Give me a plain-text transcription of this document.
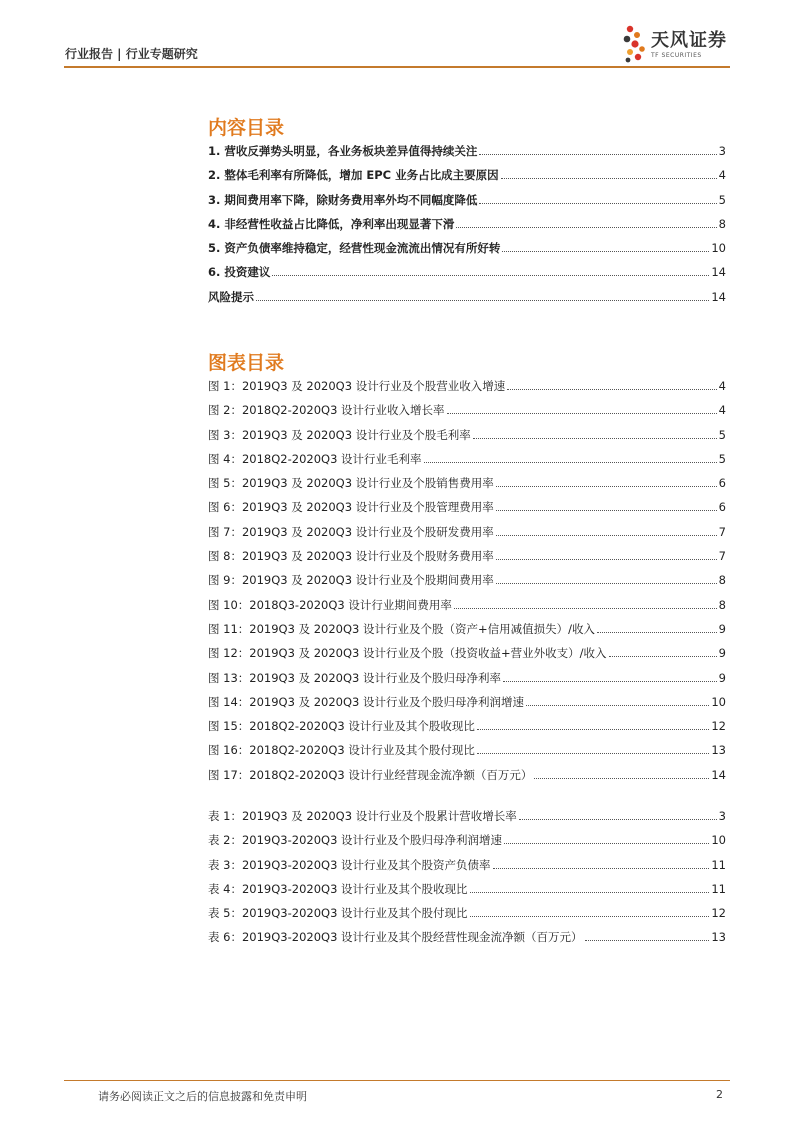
行业报告 | 行业专题研究
天风证券
TF SECURITIES
内容目录
1. 营收反弹势头明显，各业务板块差异值得持续关注	3
2. 整体毛利率有所降低，增加 EPC 业务占比成主要原因	4
3. 期间费用率下降，除财务费用率外均不同幅度降低	5
4. 非经营性收益占比降低，净利率出现显著下滑	8
5. 资产负债率维持稳定，经营性现金流流出情况有所好转	10
6. 投资建议	14
风险提示	14
图表目录
图 1：2019Q3 及 2020Q3 设计行业及个股营业收入增速	4
图 2：2018Q2-2020Q3 设计行业收入增长率	4
图 3：2019Q3 及 2020Q3 设计行业及个股毛利率	5
图 4：2018Q2-2020Q3 设计行业毛利率	5
图 5：2019Q3 及 2020Q3 设计行业及个股销售费用率	6
图 6：2019Q3 及 2020Q3 设计行业及个股管理费用率	6
图 7：2019Q3 及 2020Q3 设计行业及个股研发费用率	7
图 8：2019Q3 及 2020Q3 设计行业及个股财务费用率	7
图 9：2019Q3 及 2020Q3 设计行业及个股期间费用率	8
图 10：2018Q3-2020Q3 设计行业期间费用率	8
图 11：2019Q3 及 2020Q3 设计行业及个股（资产+信用减值损失）/收入	9
图 12：2019Q3 及 2020Q3 设计行业及个股（投资收益+营业外收支）/收入	9
图 13：2019Q3 及 2020Q3 设计行业及个股归母净利率	9
图 14：2019Q3 及 2020Q3 设计行业及个股归母净利润增速	10
图 15：2018Q2-2020Q3 设计行业及其个股收现比	12
图 16：2018Q2-2020Q3 设计行业及其个股付现比	13
图 17：2018Q2-2020Q3 设计行业经营现金流净额（百万元）	14
表 1：2019Q3 及 2020Q3 设计行业及个股累计营收增长率	3
表 2：2019Q3-2020Q3 设计行业及个股归母净利润增速	10
表 3：2019Q3-2020Q3 设计行业及其个股资产负债率	11
表 4：2019Q3-2020Q3 设计行业及其个股收现比	11
表 5：2019Q3-2020Q3 设计行业及其个股付现比	12
表 6：2019Q3-2020Q3 设计行业及其个股经营性现金流净额（百万元）	13
请务必阅读正文之后的信息披露和免责申明	2
